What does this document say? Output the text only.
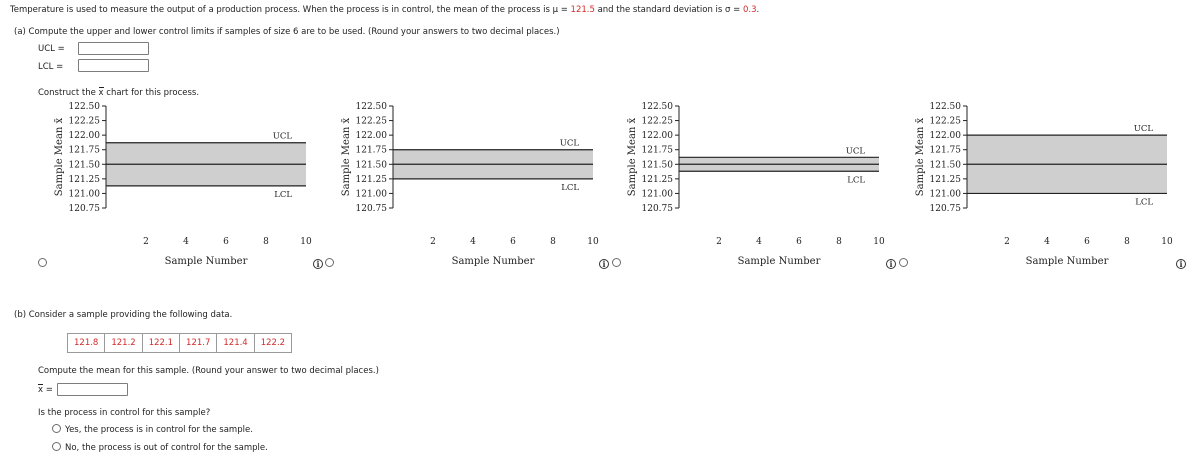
Temperature is used to measure the output of a production process. When the process is in control, the mean of the process is μ = 121.5 and the standard deviation is σ = 0.3.
(a) Compute the upper and lower control limits if samples of size 6 are to be used. (Round your answers to two decimal places.)
UCL =
LCL =
Construct the x chart for this process.
122.50
122.25
122.00
121.75
121.50
121.25
121.00
120.75
2	4	6	8	10
UCL
LCL
Sample Number
Sample Mean x̄
122.50
122.25
122.00
121.75
121.50
121.25
121.00
120.75
2	4	6	8	10
UCL
LCL
Sample Number
Sample Mean x̄
122.50
122.25
122.00
121.75
121.50
121.25
121.00
120.75
2	4	6	8	10
UCL
LCL
Sample Number
Sample Mean x̄
122.50
122.25
122.00
121.75
121.50
121.25
121.00
120.75
2	4	6	8	10
UCL
LCL
Sample Number
Sample Mean x̄
i	i	i	i
(b) Consider a sample providing the following data.
121.8	121.2	122.1	121.7	121.4	122.2
Compute the mean for this sample. (Round your answer to two decimal places.)
x =
Is the process in control for this sample?
Yes, the process is in control for the sample.
No, the process is out of control for the sample.
